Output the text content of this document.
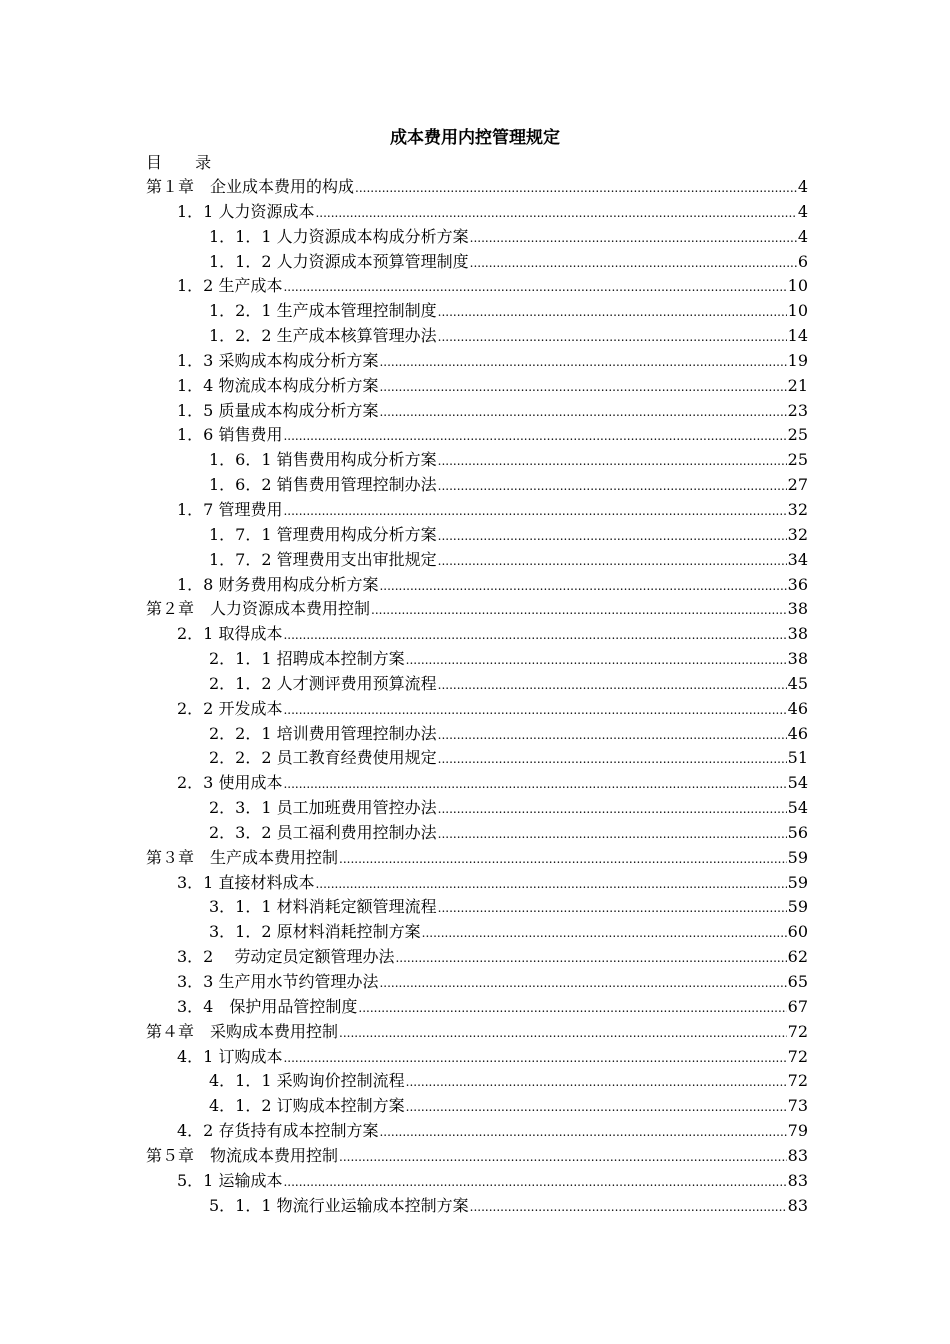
成本费用内控管理规定
目 录
第１章　企业成本费用的构成 .....	4
1．1 人力资源成本 .....	4
1．1．1 人力资源成本构成分析方案 .....	4
1．1．2 人力资源成本预算管理制度 .....	6
1．2 生产成本 .....	10
1．2．1 生产成本管理控制制度 .....	10
1．2．2 生产成本核算管理办法 .....	14
1．3 采购成本构成分析方案 .....	19
1．4 物流成本构成分析方案 .....	21
1．5 质量成本构成分析方案 .....	23
1．6 销售费用 .....	25
1．6．1 销售费用构成分析方案 .....	25
1．6．2 销售费用管理控制办法 .....	27
1．7 管理费用 .....	32
1．7．1 管理费用构成分析方案 .....	32
1．7．2 管理费用支出审批规定 .....	34
1．8 财务费用构成分析方案 .....	36
第２章　人力资源成本费用控制 .....	38
2．1 取得成本 .....	38
2．1．1 招聘成本控制方案 .....	38
2．1．2 人才测评费用预算流程 .....	45
2．2 开发成本 .....	46
2．2．1 培训费用管理控制办法 .....	46
2．2．2 员工教育经费使用规定 .....	51
2．3 使用成本 .....	54
2．3．1 员工加班费用管控办法 .....	54
2．3．2 员工福利费用控制办法 .....	56
第３章　生产成本费用控制 .....	59
3．1 直接材料成本 .....	59
3．1．1 材料消耗定额管理流程 .....	59
3．1．2 原材料消耗控制方案 .....	60
3．2　 劳动定员定额管理办法 .....	62
3．3 生产用水节约管理办法 .....	65
3．4　保护用品管控制度 .....	67
第４章　采购成本费用控制 .....	72
4．1 订购成本 .....	72
4．1．1 采购询价控制流程 .....	72
4．1．2 订购成本控制方案 .....	73
4．2 存货持有成本控制方案 .....	79
第５章　物流成本费用控制 .....	83
5．1 运输成本 .....	83
5．1．1 物流行业运输成本控制方案 .....	83
